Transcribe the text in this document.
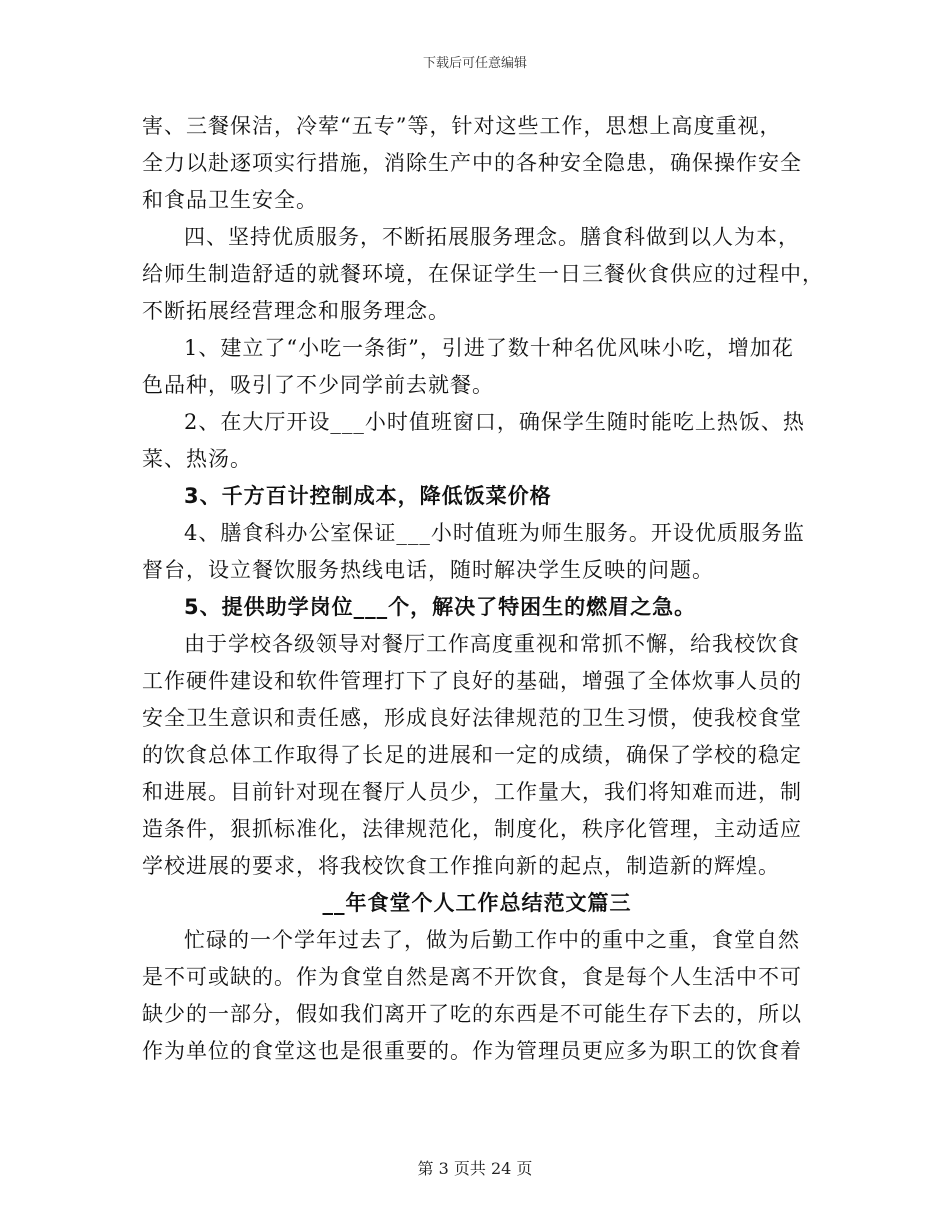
下载后可任意编辑
害、三餐保洁，冷荤“五专”等，针对这些工作，思想上高度重视，
全力以赴逐项实行措施，消除生产中的各种安全隐患，确保操作安全
和食品卫生安全。
四、坚持优质服务，不断拓展服务理念。膳食科做到以人为本，
给师生制造舒适的就餐环境，在保证学生一日三餐伙食供应的过程中，
不断拓展经营理念和服务理念。
1、建立了“小吃一条街”，引进了数十种名优风味小吃，增加花
色品种，吸引了不少同学前去就餐。
2、在大厅开设___小时值班窗口，确保学生随时能吃上热饭、热
菜、热汤。
3、千方百计控制成本，降低饭菜价格
4、膳食科办公室保证___小时值班为师生服务。开设优质服务监
督台，设立餐饮服务热线电话，随时解决学生反映的问题。
5、提供助学岗位___个，解决了特困生的燃眉之急。
由于学校各级领导对餐厅工作高度重视和常抓不懈，给我校饮食
工作硬件建设和软件管理打下了良好的基础，增强了全体炊事人员的
安全卫生意识和责任感，形成良好法律规范的卫生习惯，使我校食堂
的饮食总体工作取得了长足的进展和一定的成绩，确保了学校的稳定
和进展。目前针对现在餐厅人员少，工作量大，我们将知难而进，制
造条件，狠抓标准化，法律规范化，制度化，秩序化管理，主动适应
学校进展的要求，将我校饮食工作推向新的起点，制造新的辉煌。
__年食堂个人工作总结范文篇三
忙碌的一个学年过去了，做为后勤工作中的重中之重，食堂自然
是不可或缺的。作为食堂自然是离不开饮食，食是每个人生活中不可
缺少的一部分，假如我们离开了吃的东西是不可能生存下去的，所以
作为单位的食堂这也是很重要的。作为管理员更应多为职工的饮食着
第 3 页共 24 页
